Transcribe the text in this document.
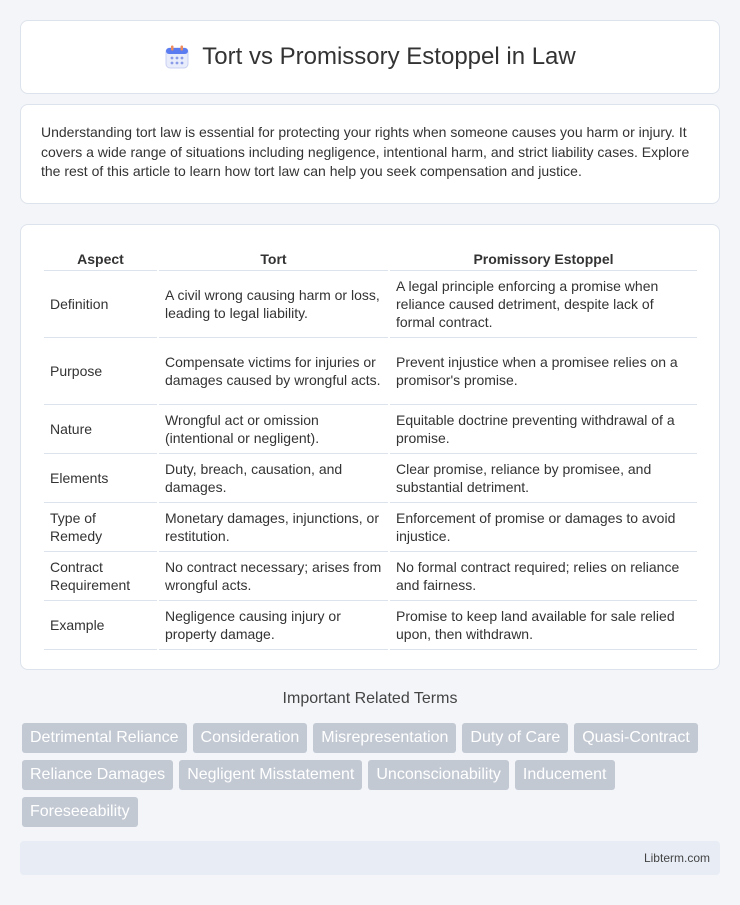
Tort vs Promissory Estoppel in Law

Understanding tort law is essential for protecting your rights when someone causes you harm or injury. It covers a wide range of situations including negligence, intentional harm, and strict liability cases. Explore the rest of this article to learn how tort law can help you seek compensation and justice.

Aspect	Tort	Promissory Estoppel
Definition	A civil wrong causing harm or loss, leading to legal liability.	A legal principle enforcing a promise when reliance caused detriment, despite lack of formal contract.
Purpose	Compensate victims for injuries or damages caused by wrongful acts.	Prevent injustice when a promisee relies on a promisor's promise.
Nature	Wrongful act or omission (intentional or negligent).	Equitable doctrine preventing withdrawal of a promise.
Elements	Duty, breach, causation, and damages.	Clear promise, reliance by promisee, and substantial detriment.
Type of Remedy	Monetary damages, injunctions, or restitution.	Enforcement of promise or damages to avoid injustice.
Contract Requirement	No contract necessary; arises from wrongful acts.	No formal contract required; relies on reliance and fairness.
Example	Negligence causing injury or property damage.	Promise to keep land available for sale relied upon, then withdrawn.
Important Related Terms
Detrimental Reliance	Consideration	Misrepresentation	Duty of Care	Quasi-Contract
Reliance Damages	Negligent Misstatement	Unconscionability	Inducement
Foreseeability
Libterm.com
